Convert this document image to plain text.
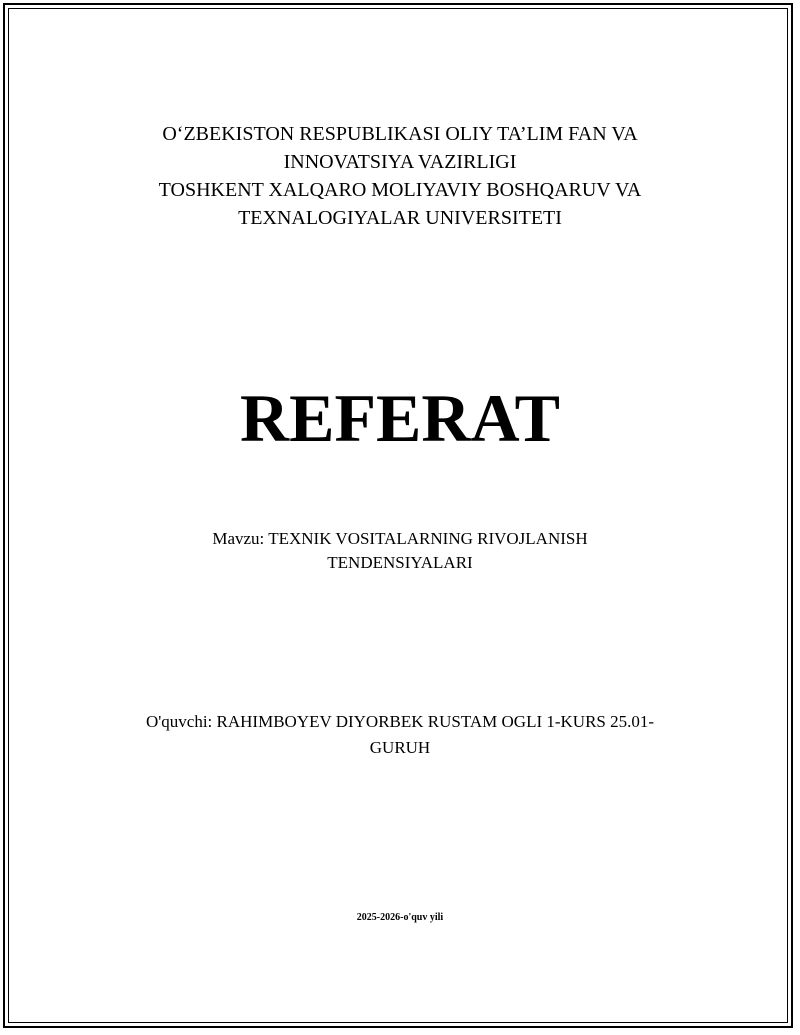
O‘ZBEKISTON RESPUBLIKASI OLIY TA’LIM FAN VA
INNOVATSIYA VAZIRLIGI
TOSHKENT XALQARO MOLIYAVIY BOSHQARUV VA
TEXNALOGIYALAR UNIVERSITETI
REFERAT
Mavzu: TEXNIK VOSITALARNING RIVOJLANISH
TENDENSIYALARI
O'quvchi: RAHIMBOYEV DIYORBEK RUSTAM OGLI 1-KURS 25.01-
GURUH
2025-2026-o'quv yili
